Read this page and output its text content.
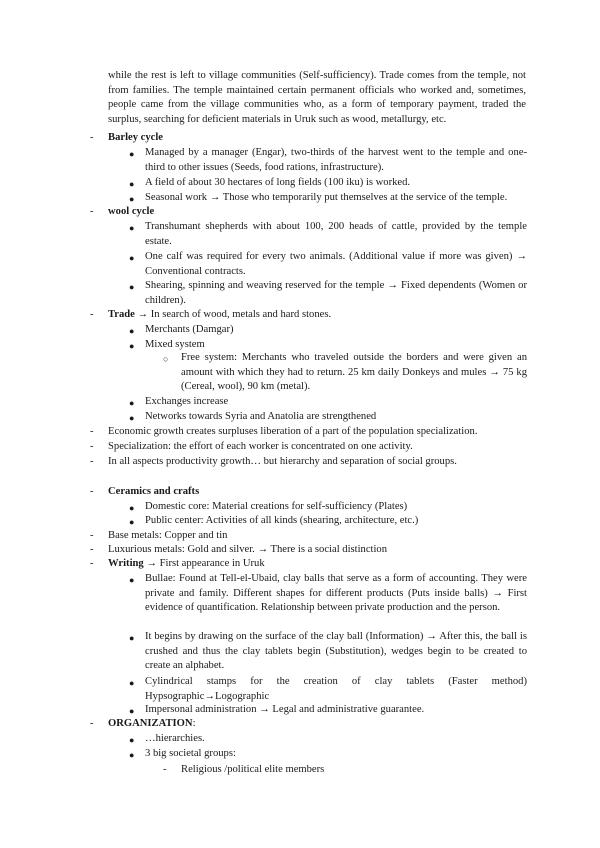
while the rest is left to village communities (Self-sufficiency). Trade comes from the temple, not from families. The temple maintained certain permanent officials who worked and, sometimes, people came from the village communities who, as a form of temporary payment, traded the surplus, searching for deficient materials in Uruk such as wood, metallurgy, etc.
- Barley cycle
● Managed by a manager (Engar), two-thirds of the harvest went to the temple and one-third to other issues (Seeds, food rations, infrastructure).
● A field of about 30 hectares of long fields (100 iku) is worked.
● Seasonal work → Those who temporarily put themselves at the service of the temple.
- wool cycle
● Transhumant shepherds with about 100, 200 heads of cattle, provided by the temple estate.
● One calf was required for every two animals. (Additional value if more was given) → Conventional contracts.
● Shearing, spinning and weaving reserved for the temple → Fixed dependents (Women or children).
- Trade → In search of wood, metals and hard stones.
● Merchants (Damgar)
● Mixed system
○ Free system: Merchants who traveled outside the borders and were given an amount with which they had to return. 25 km daily Donkeys and mules → 75 kg (Cereal, wool), 90 km (metal).
● Exchanges increase
● Networks towards Syria and Anatolia are strengthened
- Economic growth creates surpluses liberation of a part of the population specialization.
- Specialization: the effort of each worker is concentrated on one activity.
- In all aspects productivity growth… but hierarchy and separation of social groups.
- Ceramics and crafts
● Domestic core: Material creations for self-sufficiency (Plates)
● Public center: Activities of all kinds (shearing, architecture, etc.)
- Base metals: Copper and tin
- Luxurious metals: Gold and silver. → There is a social distinction
- Writing → First appearance in Uruk
● Bullae: Found at Tell-el-Ubaid, clay balls that serve as a form of accounting. They were private and family. Different shapes for different products (Puts inside balls) → First evidence of quantification. Relationship between private production and the person.
● It begins by drawing on the surface of the clay ball (Information) → After this, the ball is crushed and thus the clay tablets begin (Substitution), wedges begin to be created to create an alphabet.
● Cylindrical stamps for the creation of clay tablets (Faster method) Hypsographic→Logographic
● Impersonal administration → Legal and administrative guarantee.
- ORGANIZATION:
● …hierarchies.
● 3 big societal groups:
- Religious /political elite members
